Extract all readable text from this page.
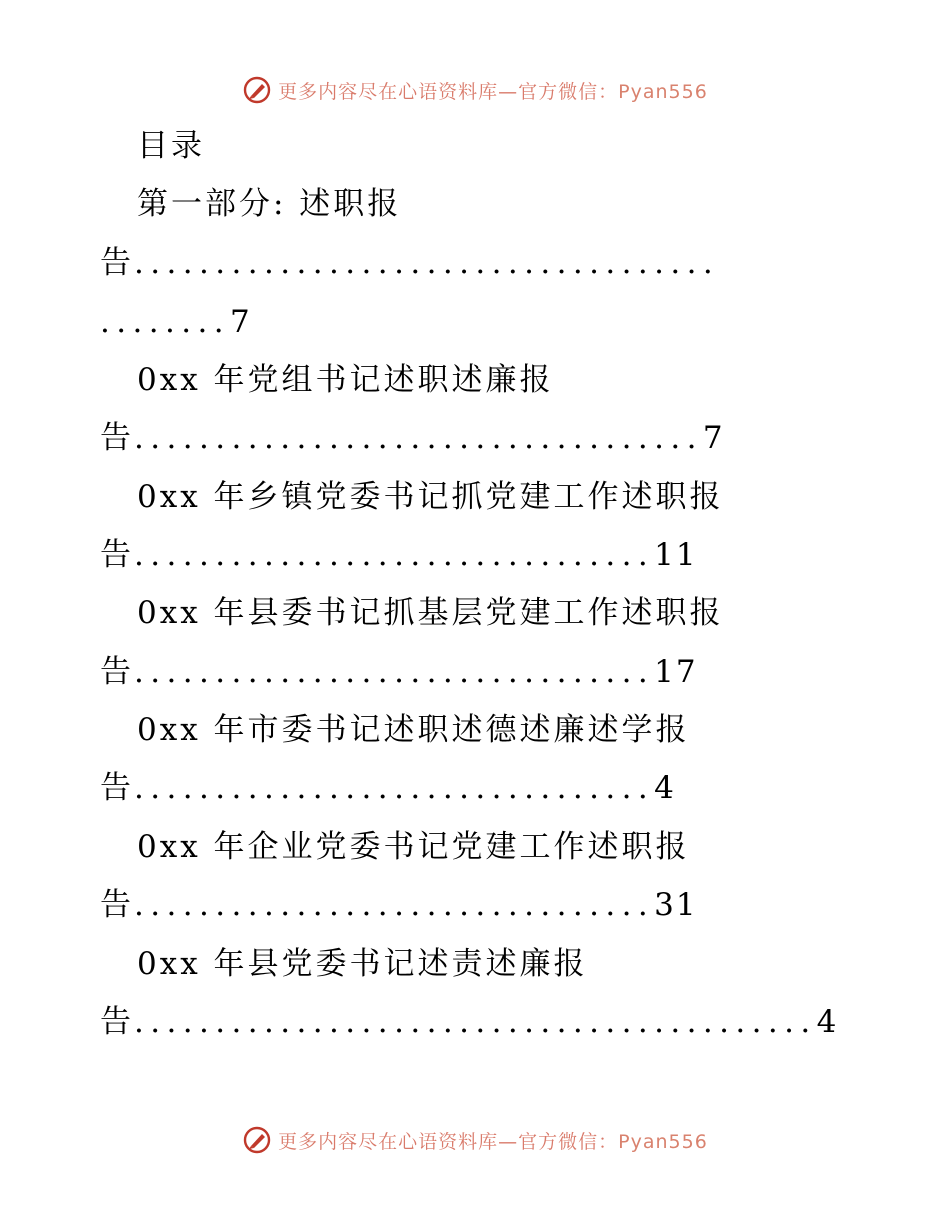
更多内容尽在心语资料库—官方微信：Pyan556
目录
第一部分: 述职报
告....................................
........7
0xx 年党组书记述职述廉报
告...................................7
0xx 年乡镇党委书记抓党建工作述职报
告................................11
0xx 年县委书记抓基层党建工作述职报
告................................17
0xx 年市委书记述职述德述廉述学报
告................................4
0xx 年企业党委书记党建工作述职报
告................................31
0xx 年县党委书记述责述廉报
告..........................................4
更多内容尽在心语资料库—官方微信：Pyan556
